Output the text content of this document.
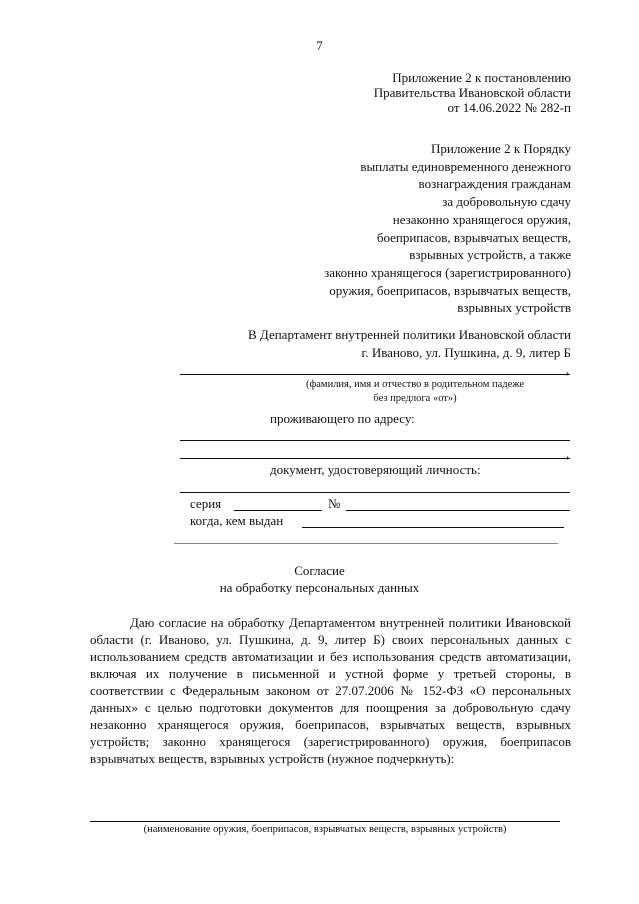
7
Приложение 2 к постановлению
Правительства Ивановской области
от 14.06.2022 № 282-п
Приложение 2 к Порядку
выплаты единовременного денежного
вознаграждения гражданам
за добровольную сдачу
незаконно хранящегося оружия,
боеприпасов, взрывчатых веществ,
взрывных устройств, а также
законно хранящегося (зарегистрированного)
оружия, боеприпасов, взрывчатых веществ,
взрывных устройств
В Департамент внутренней политики Ивановской области
г. Иваново, ул. Пушкина, д. 9, литер Б
,
(фамилия, имя и отчество в родительном падеже
без предлога «от»)
проживающего по адресу:
,
документ, удостоверяющий личность:
серия	№
когда, кем выдан
Согласие
на обработку персональных данных

Даю согласие на обработку Департаментом внутренней политики Ивановской области (г. Иваново, ул. Пушкина, д. 9, литер Б) своих персональных данных с использованием средств автоматизации и без использования средств автоматизации, включая их получение в письменной и устной форме у третьей стороны, в соответствии с Федеральным законом от 27.07.2006 № 152-ФЗ «О персональных данных» с целью подготовки документов для поощрения за добровольную сдачу незаконно хранящегося оружия, боеприпасов, взрывчатых веществ, взрывных устройств; законно хранящегося (зарегистрированного) оружия, боеприпасов взрывчатых веществ, взрывных устройств (нужное подчеркнуть):

(наименование оружия, боеприпасов, взрывчатых веществ, взрывных устройств)
